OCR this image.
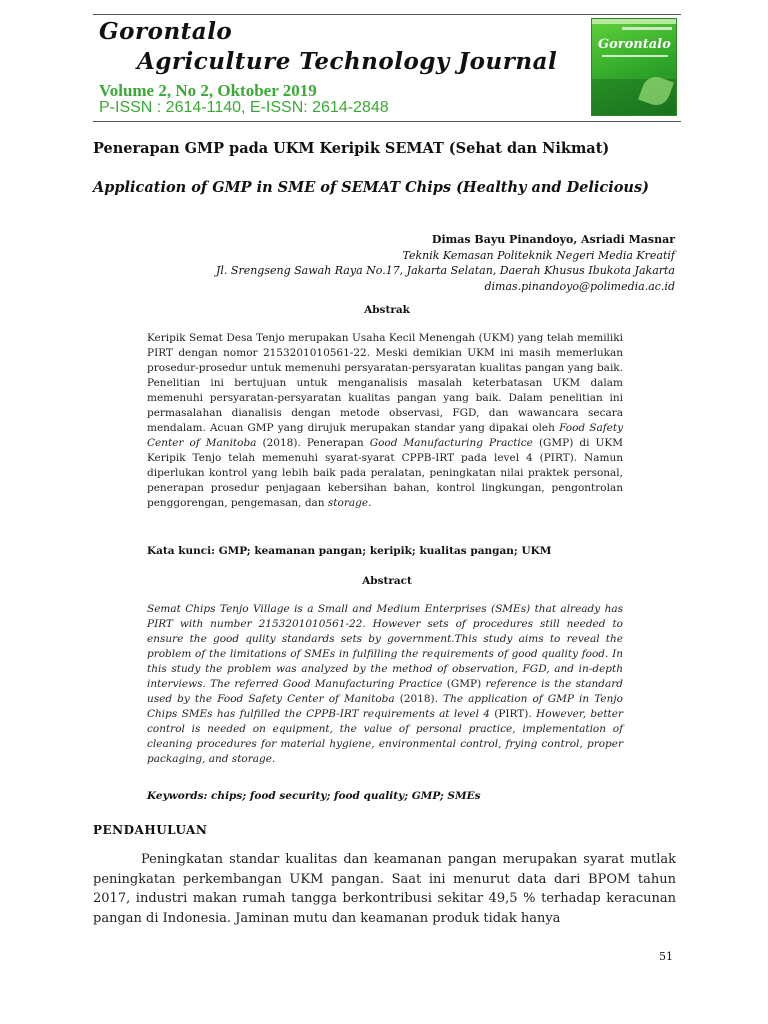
Gorontalo
Agriculture Technology Journal
Volume 2, No 2, Oktober 2019
P-ISSN : 2614-1140, E-ISSN: 2614-2848
Gorontalo
Penerapan GMP pada UKM Keripik SEMAT (Sehat dan Nikmat)
Application of GMP in SME of SEMAT Chips (Healthy and Delicious)
Dimas Bayu Pinandoyo, Asriadi Masnar
Teknik Kemasan Politeknik Negeri Media Kreatif
Jl. Srengseng Sawah Raya No.17, Jakarta Selatan, Daerah Khusus Ibukota Jakarta
dimas.pinandoyo@polimedia.ac.id
Abstrak
Keripik Semat Desa Tenjo merupakan Usaha Kecil Menengah (UKM) yang telah memiliki PIRT dengan nomor 2153201010561-22. Meski demikian UKM ini masih memerlukan prosedur-prosedur untuk memenuhi persyaratan-persyaratan kualitas pangan yang baik. Penelitian ini bertujuan untuk menganalisis masalah keterbatasan UKM dalam memenuhi persyaratan-persyaratan kualitas pangan yang baik. Dalam penelitian ini permasalahan dianalisis dengan metode observasi, FGD, dan wawancara secara mendalam. Acuan GMP yang dirujuk merupakan standar yang dipakai oleh Food Safety Center of Manitoba (2018). Penerapan Good Manufacturing Practice (GMP) di UKM Keripik Tenjo telah memenuhi syarat-syarat CPPB-IRT pada level 4 (PIRT). Namun diperlukan kontrol yang lebih baik pada peralatan, peningkatan nilai praktek personal, penerapan prosedur penjagaan kebersihan bahan, kontrol lingkungan, pengontrolan penggorengan, pengemasan, dan storage.
Kata kunci: GMP; keamanan pangan; keripik; kualitas pangan; UKM
Abstract
Semat Chips Tenjo Village is a Small and Medium Enterprises (SMEs) that already has PIRT with number 2153201010561-22. However sets of procedures still needed to ensure the good qulity standards sets by government.This study aims to reveal the problem of the limitations of SMEs in fulfilling the requirements of good quality food. In this study the problem was analyzed by the method of observation, FGD, and in-depth interviews. The referred Good Manufacturing Practice (GMP) reference is the standard used by the Food Safety Center of Manitoba (2018). The application of GMP in Tenjo Chips SMEs has fulfilled the CPPB-IRT requirements at level 4 (PIRT). However, better control is needed on equipment, the value of personal practice, implementation of cleaning procedures for material hygiene, environmental control, frying control, proper packaging, and storage.
Keywords: chips; food security; food quality; GMP; SMEs
PENDAHULUAN
Peningkatan standar kualitas dan keamanan pangan merupakan syarat mutlak peningkatan perkembangan UKM pangan. Saat ini menurut data dari BPOM tahun 2017, industri makan rumah tangga berkontribusi sekitar 49,5 % terhadap keracunan pangan di Indonesia. Jaminan mutu dan keamanan produk tidak hanya
51
